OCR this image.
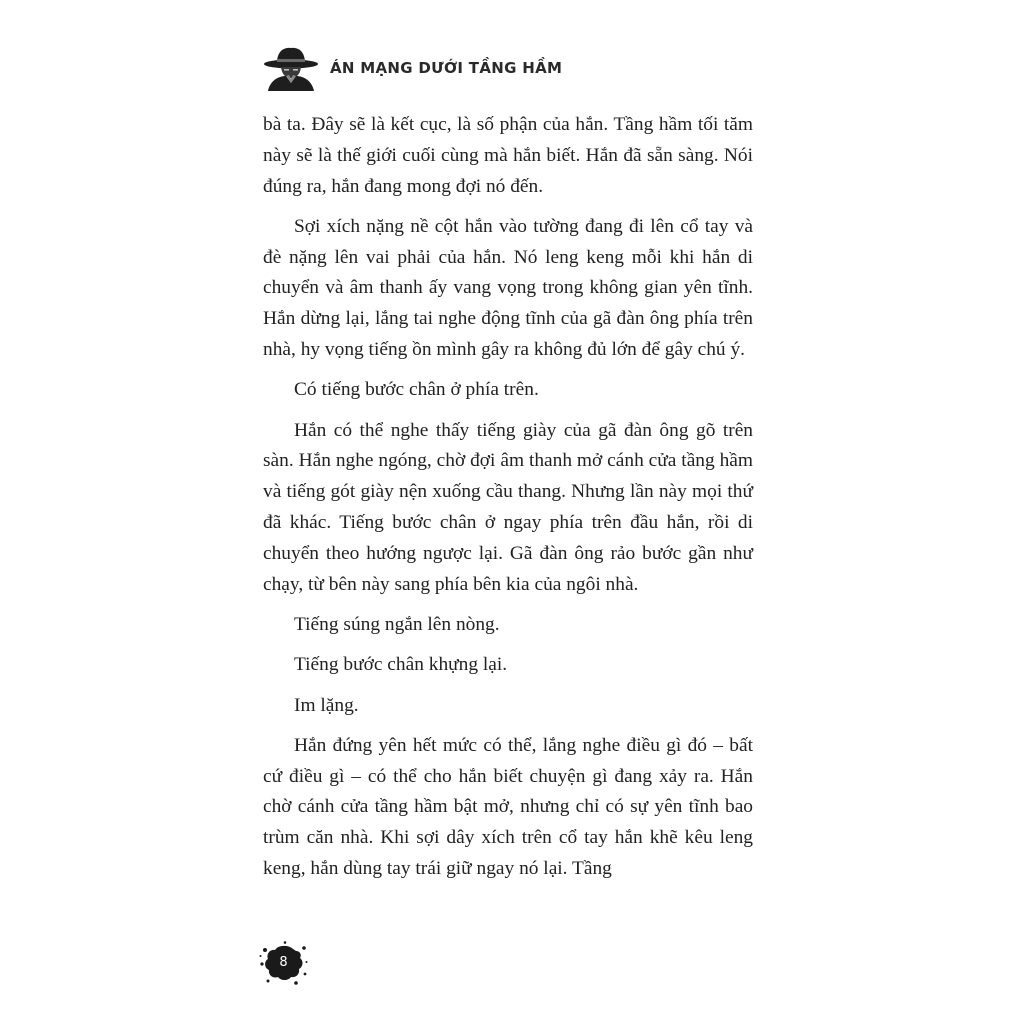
ÁN MẠNG DƯỚI TẦNG HẦM

bà ta. Đây sẽ là kết cục, là số phận của hắn. Tầng hầm tối tăm này sẽ là thế giới cuối cùng mà hắn biết. Hắn đã sẵn sàng. Nói đúng ra, hắn đang mong đợi nó đến.

Sợi xích nặng nề cột hắn vào tường đang đi lên cổ tay và đè nặng lên vai phải của hắn. Nó leng keng mỗi khi hắn di chuyển và âm thanh ấy vang vọng trong không gian yên tĩnh. Hắn dừng lại, lắng tai nghe động tĩnh của gã đàn ông phía trên nhà, hy vọng tiếng ồn mình gây ra không đủ lớn để gây chú ý.

Có tiếng bước chân ở phía trên.

Hắn có thể nghe thấy tiếng giày của gã đàn ông gõ trên sàn. Hắn nghe ngóng, chờ đợi âm thanh mở cánh cửa tầng hầm và tiếng gót giày nện xuống cầu thang. Nhưng lần này mọi thứ đã khác. Tiếng bước chân ở ngay phía trên đầu hắn, rồi di chuyển theo hướng ngược lại. Gã đàn ông rảo bước gần như chạy, từ bên này sang phía bên kia của ngôi nhà.

Tiếng súng ngắn lên nòng.

Tiếng bước chân khựng lại.

Im lặng.

Hắn đứng yên hết mức có thể, lắng nghe điều gì đó – bất cứ điều gì – có thể cho hắn biết chuyện gì đang xảy ra. Hắn chờ cánh cửa tầng hầm bật mở, nhưng chỉ có sự yên tĩnh bao trùm căn nhà. Khi sợi dây xích trên cổ tay hắn khẽ kêu leng keng, hắn dùng tay trái giữ ngay nó lại. Tầng

8
